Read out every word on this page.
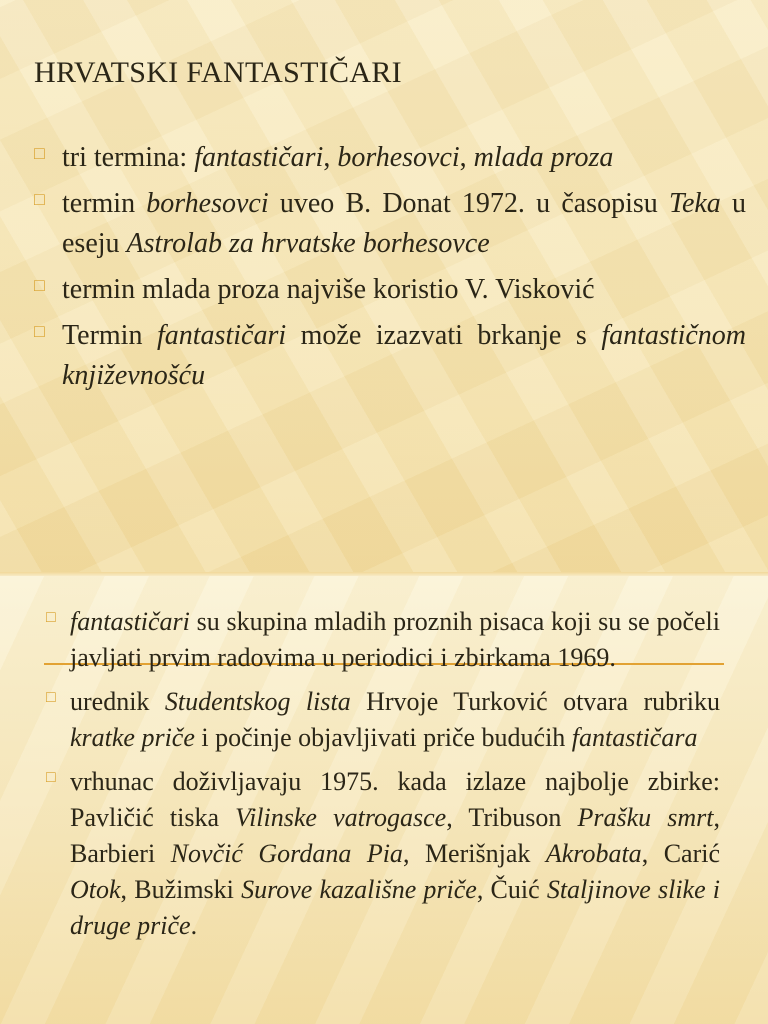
HRVATSKI FANTASTIČARI
□ tri termina: fantastičari, borhesovci, mlada proza
□ termin borhesovci uveo B. Donat 1972. u časopisu Teka u eseju Astrolab za hrvatske borhesovce
□ termin mlada proza najviše koristio V. Visković
□ Termin fantastičari može izazvati brkanje s fantastičnom književnošću
□ fantastičari su skupina mladih proznih pisaca koji su se počeli javljati prvim radovima u periodici i zbirkama 1969.
□ urednik Studentskog lista Hrvoje Turković otvara rubriku kratke priče i počinje objavljivati priče budućih fantastičara
□ vrhunac doživljavaju 1975. kada izlaze najbolje zbirke: Pavličić tiska Vilinske vatrogasce, Tribuson Prašku smrt, Barbieri Novčić Gordana Pia, Merišnjak Akrobata, Carić Otok, Bužimski Surove kazališne priče, Čuić Staljinove slike i druge priče.
